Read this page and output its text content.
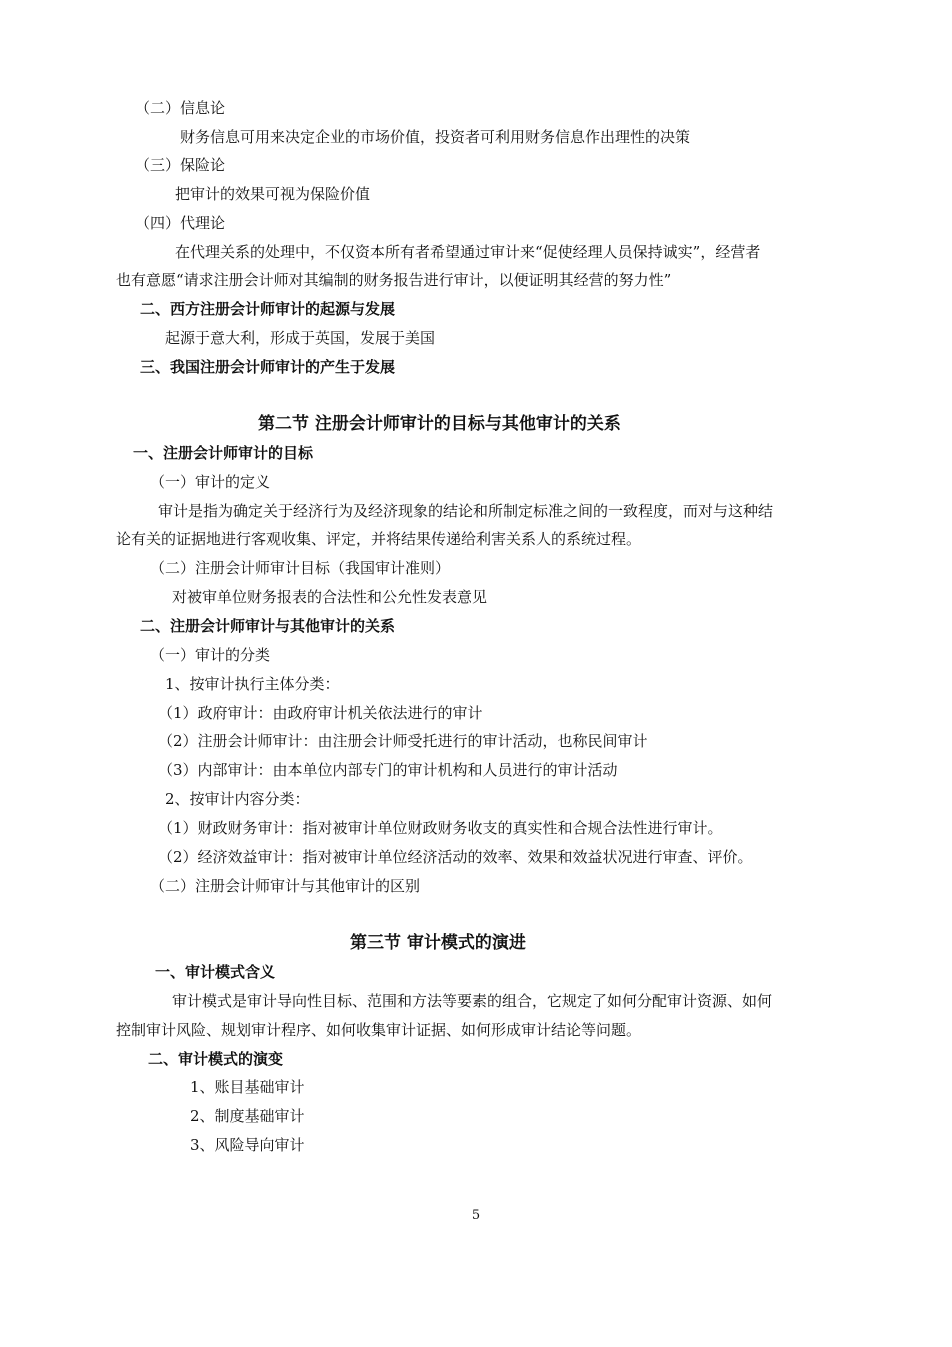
（二）信息论
财务信息可用来决定企业的市场价值，投资者可利用财务信息作出理性的决策
（三）保险论
把审计的效果可视为保险价值
（四）代理论
在代理关系的处理中，不仅资本所有者希望通过审计来“促使经理人员保持诚实”，经营者
也有意愿“请求注册会计师对其编制的财务报告进行审计，以便证明其经营的努力性”
二、西方注册会计师审计的起源与发展
起源于意大利，形成于英国，发展于美国
三、我国注册会计师审计的产生于发展
第二节 注册会计师审计的目标与其他审计的关系
一、注册会计师审计的目标
（一）审计的定义
审计是指为确定关于经济行为及经济现象的结论和所制定标准之间的一致程度，而对与这种结
论有关的证据地进行客观收集、评定，并将结果传递给利害关系人的系统过程。
（二）注册会计师审计目标（我国审计准则）
对被审单位财务报表的合法性和公允性发表意见
二、注册会计师审计与其他审计的关系
（一）审计的分类
1、按审计执行主体分类：
（1）政府审计：由政府审计机关依法进行的审计
（2）注册会计师审计：由注册会计师受托进行的审计活动，也称民间审计
（3）内部审计：由本单位内部专门的审计机构和人员进行的审计活动
2、按审计内容分类：
（1）财政财务审计：指对被审计单位财政财务收支的真实性和合规合法性进行审计。
（2）经济效益审计：指对被审计单位经济活动的效率、效果和效益状况进行审查、评价。
（二）注册会计师审计与其他审计的区别
第三节 审计模式的演进
一、审计模式含义
审计模式是审计导向性目标、范围和方法等要素的组合，它规定了如何分配审计资源、如何
控制审计风险、规划审计程序、如何收集审计证据、如何形成审计结论等问题。
二、审计模式的演变
1、账目基础审计
2、制度基础审计
3、风险导向审计
5
